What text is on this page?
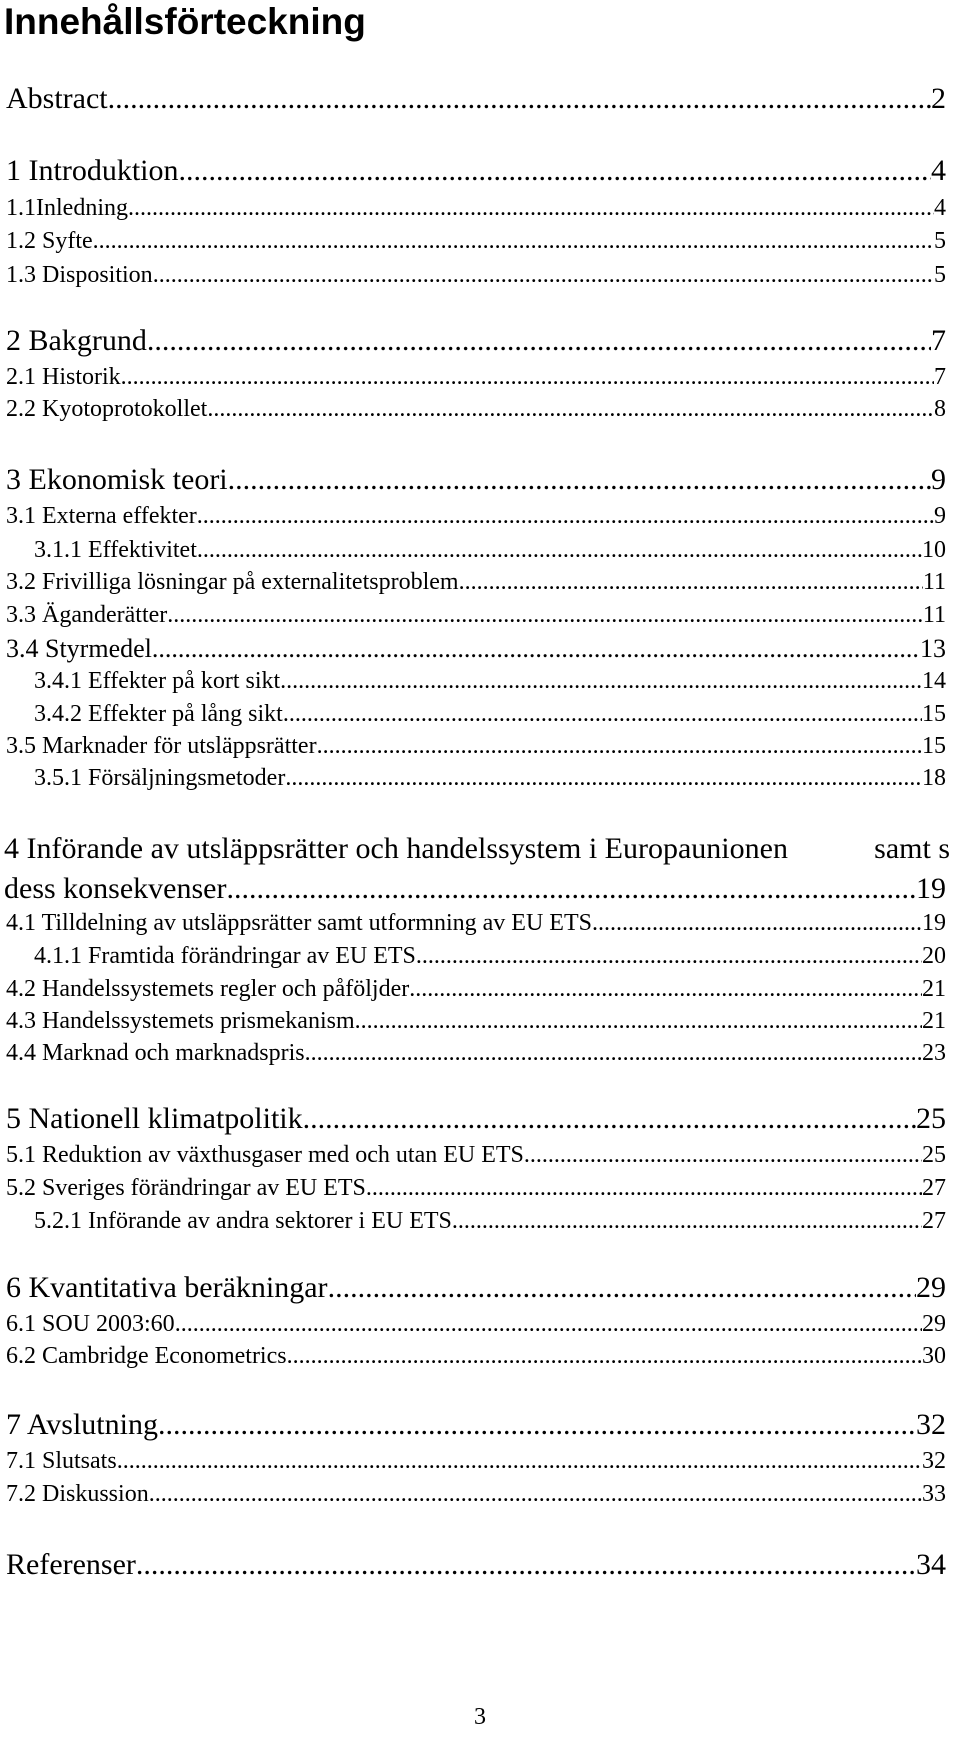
Innehållsförteckning
Abstract .....	2
1 Introduktion .....	4
1.1Inledning .....	4
1.2 Syfte .....	5
1.3 Disposition .....	5
2 Bakgrund .....	7
2.1 Historik .....	7
2.2 Kyotoprotokollet .....	8
3 Ekonomisk teori .....	9
3.1 Externa effekter .....	9
3.1.1 Effektivitet .....	10
3.2 Frivilliga lösningar på externalitetsproblem .....	11
3.3 Äganderätter .....	11
3.4 Styrmedel .....	13
3.4.1 Effekter på kort sikt .....	14
3.4.2 Effekter på lång sikt .....	15
3.5 Marknader för utsläppsrätter .....	15
3.5.1 Försäljningsmetoder .....	18
4 Införande av utsläppsrätter och handelssystem i Europaunionen	samt s
dess konsekvenser .....	19
4.1 Tilldelning av utsläppsrätter samt utformning av EU ETS .....	19
4.1.1 Framtida förändringar av EU ETS .....	20
4.2 Handelssystemets regler och påföljder .....	21
4.3 Handelssystemets prismekanism .....	21
4.4 Marknad och marknadspris .....	23
5 Nationell klimatpolitik .....	25
5.1 Reduktion av växthusgaser med och utan EU ETS .....	25
5.2 Sveriges förändringar av EU ETS .....	27
5.2.1 Införande av andra sektorer i EU ETS .....	27
6 Kvantitativa beräkningar .....	29
6.1 SOU 2003:60 .....	29
6.2 Cambridge Econometrics .....	30
7 Avslutning .....	32
7.1 Slutsats .....	32
7.2 Diskussion .....	33
Referenser .....	34
3
